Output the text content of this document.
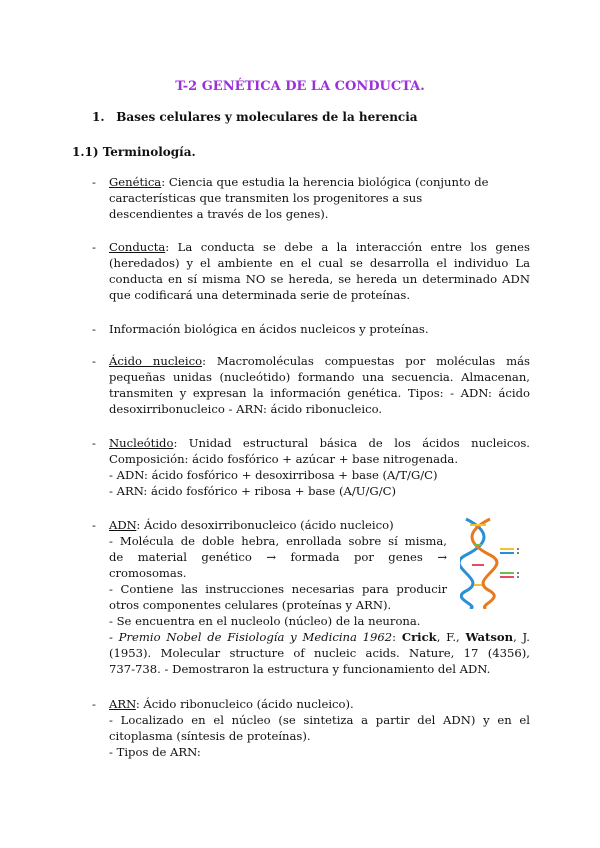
T-2 GENÉTICA DE LA CONDUCTA.
1. Bases celulares y moleculares de la herencia
1.1) Terminología.
- Genética: Ciencia que estudia la herencia biológica (conjunto de
características que transmiten los progenitores a sus
descendientes a través de los genes).
- Conducta: La conducta se debe a la interacción entre los genes
(heredados) y el ambiente en el cual se desarrolla el individuo La
conducta en sí misma NO se hereda, se hereda un determinado ADN
que codificará una determinada serie de proteínas.
- Información biológica en ácidos nucleicos y proteínas.
- Ácido nucleico: Macromoléculas compuestas por moléculas más
pequeñas unidas (nucleótido) formando una secuencia. Almacenan,
transmiten y expresan la información genética. Tipos: - ADN: ácido
desoxirribonucleico - ARN: ácido ribonucleico.
- Nucleótido: Unidad estructural básica de los ácidos nucleicos.
Composición: ácido fosfórico + azúcar + base nitrogenada.
- ADN: ácido fosfórico + desoxirribosa + base (A/T/G/C)
- ARN: ácido fosfórico + ribosa + base (A/U/G/C)
- ADN: Ácido desoxirribonucleico (ácido nucleico)
- Molécula de doble hebra, enrollada sobre sí misma,
de material genético → formada por genes →
cromosomas.
- Contiene las instrucciones necesarias para producir
otros componentes celulares (proteínas y ARN).
- Se encuentra en el nucleolo (núcleo) de la neurona.
- Premio Nobel de Fisiología y Medicina 1962: Crick, F., Watson, J.
(1953). Molecular structure of nucleic acids. Nature, 17 (4356),
737-738. - Demostraron la estructura y funcionamiento del ADN.
- ARN: Ácido ribonucleico (ácido nucleico).
- Localizado en el núcleo (se sintetiza a partir del ADN) y en el
citoplasma (síntesis de proteínas).
- Tipos de ARN:
